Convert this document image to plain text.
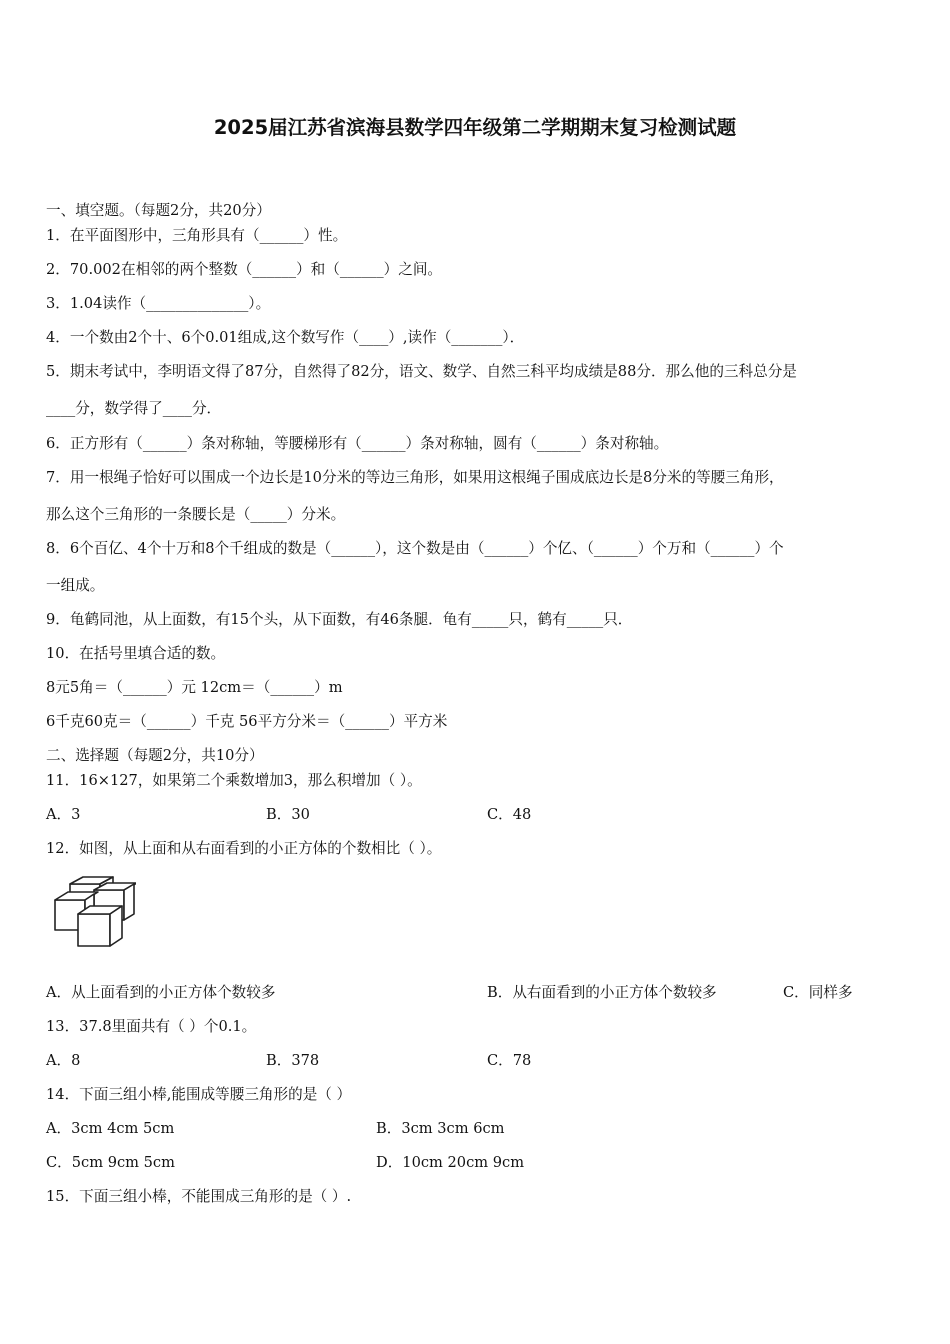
2025届江苏省滨海县数学四年级第二学期期末复习检测试题
一、填空题。（每题2分，共20分）
1．在平面图形中，三角形具有（______）性。
2．70.002在相邻的两个整数（______）和（______）之间。
3．1.04读作（______________）。
4．一个数由2个十、6个0.01组成,这个数写作（____）,读作（_______）．
5．期末考试中，李明语文得了87分，自然得了82分，语文、数学、自然三科平均成绩是88分．那么他的三科总分是
____分，数学得了____分．
6．正方形有（______）条对称轴，等腰梯形有（______）条对称轴，圆有（______）条对称轴。
7．用一根绳子恰好可以围成一个边长是10分米的等边三角形，如果用这根绳子围成底边长是8分米的等腰三角形，
那么这个三角形的一条腰长是（_____）分米。
8．6个百亿、4个十万和8个千组成的数是（______），这个数是由（______）个亿、（______）个万和（______）个
一组成。
9．龟鹤同池，从上面数，有15个头，从下面数，有46条腿．龟有_____只，鹤有_____只．
10．在括号里填合适的数。
8元5角＝（______）元 12cm＝（______）m
6千克60克＝（______）千克 56平方分米＝（______）平方米
二、选择题（每题2分，共10分）
11．16×127，如果第二个乘数增加3，那么积增加（ ）。
A．3	B．30	C．48
12．如图，从上面和从右面看到的小正方体的个数相比（ ）。
A．从上面看到的小正方体个数较多	B．从右面看到的小正方体个数较多	C．同样多
13．37.8里面共有（ ）个0.1。
A．8	B．378	C．78
14．下面三组小棒,能围成等腰三角形的是（ ）
A．3cm 4cm 5cm	B．3cm 3cm 6cm
C．5cm 9cm 5cm	D．10cm 20cm 9cm
15．下面三组小棒，不能围成三角形的是（ ）.
